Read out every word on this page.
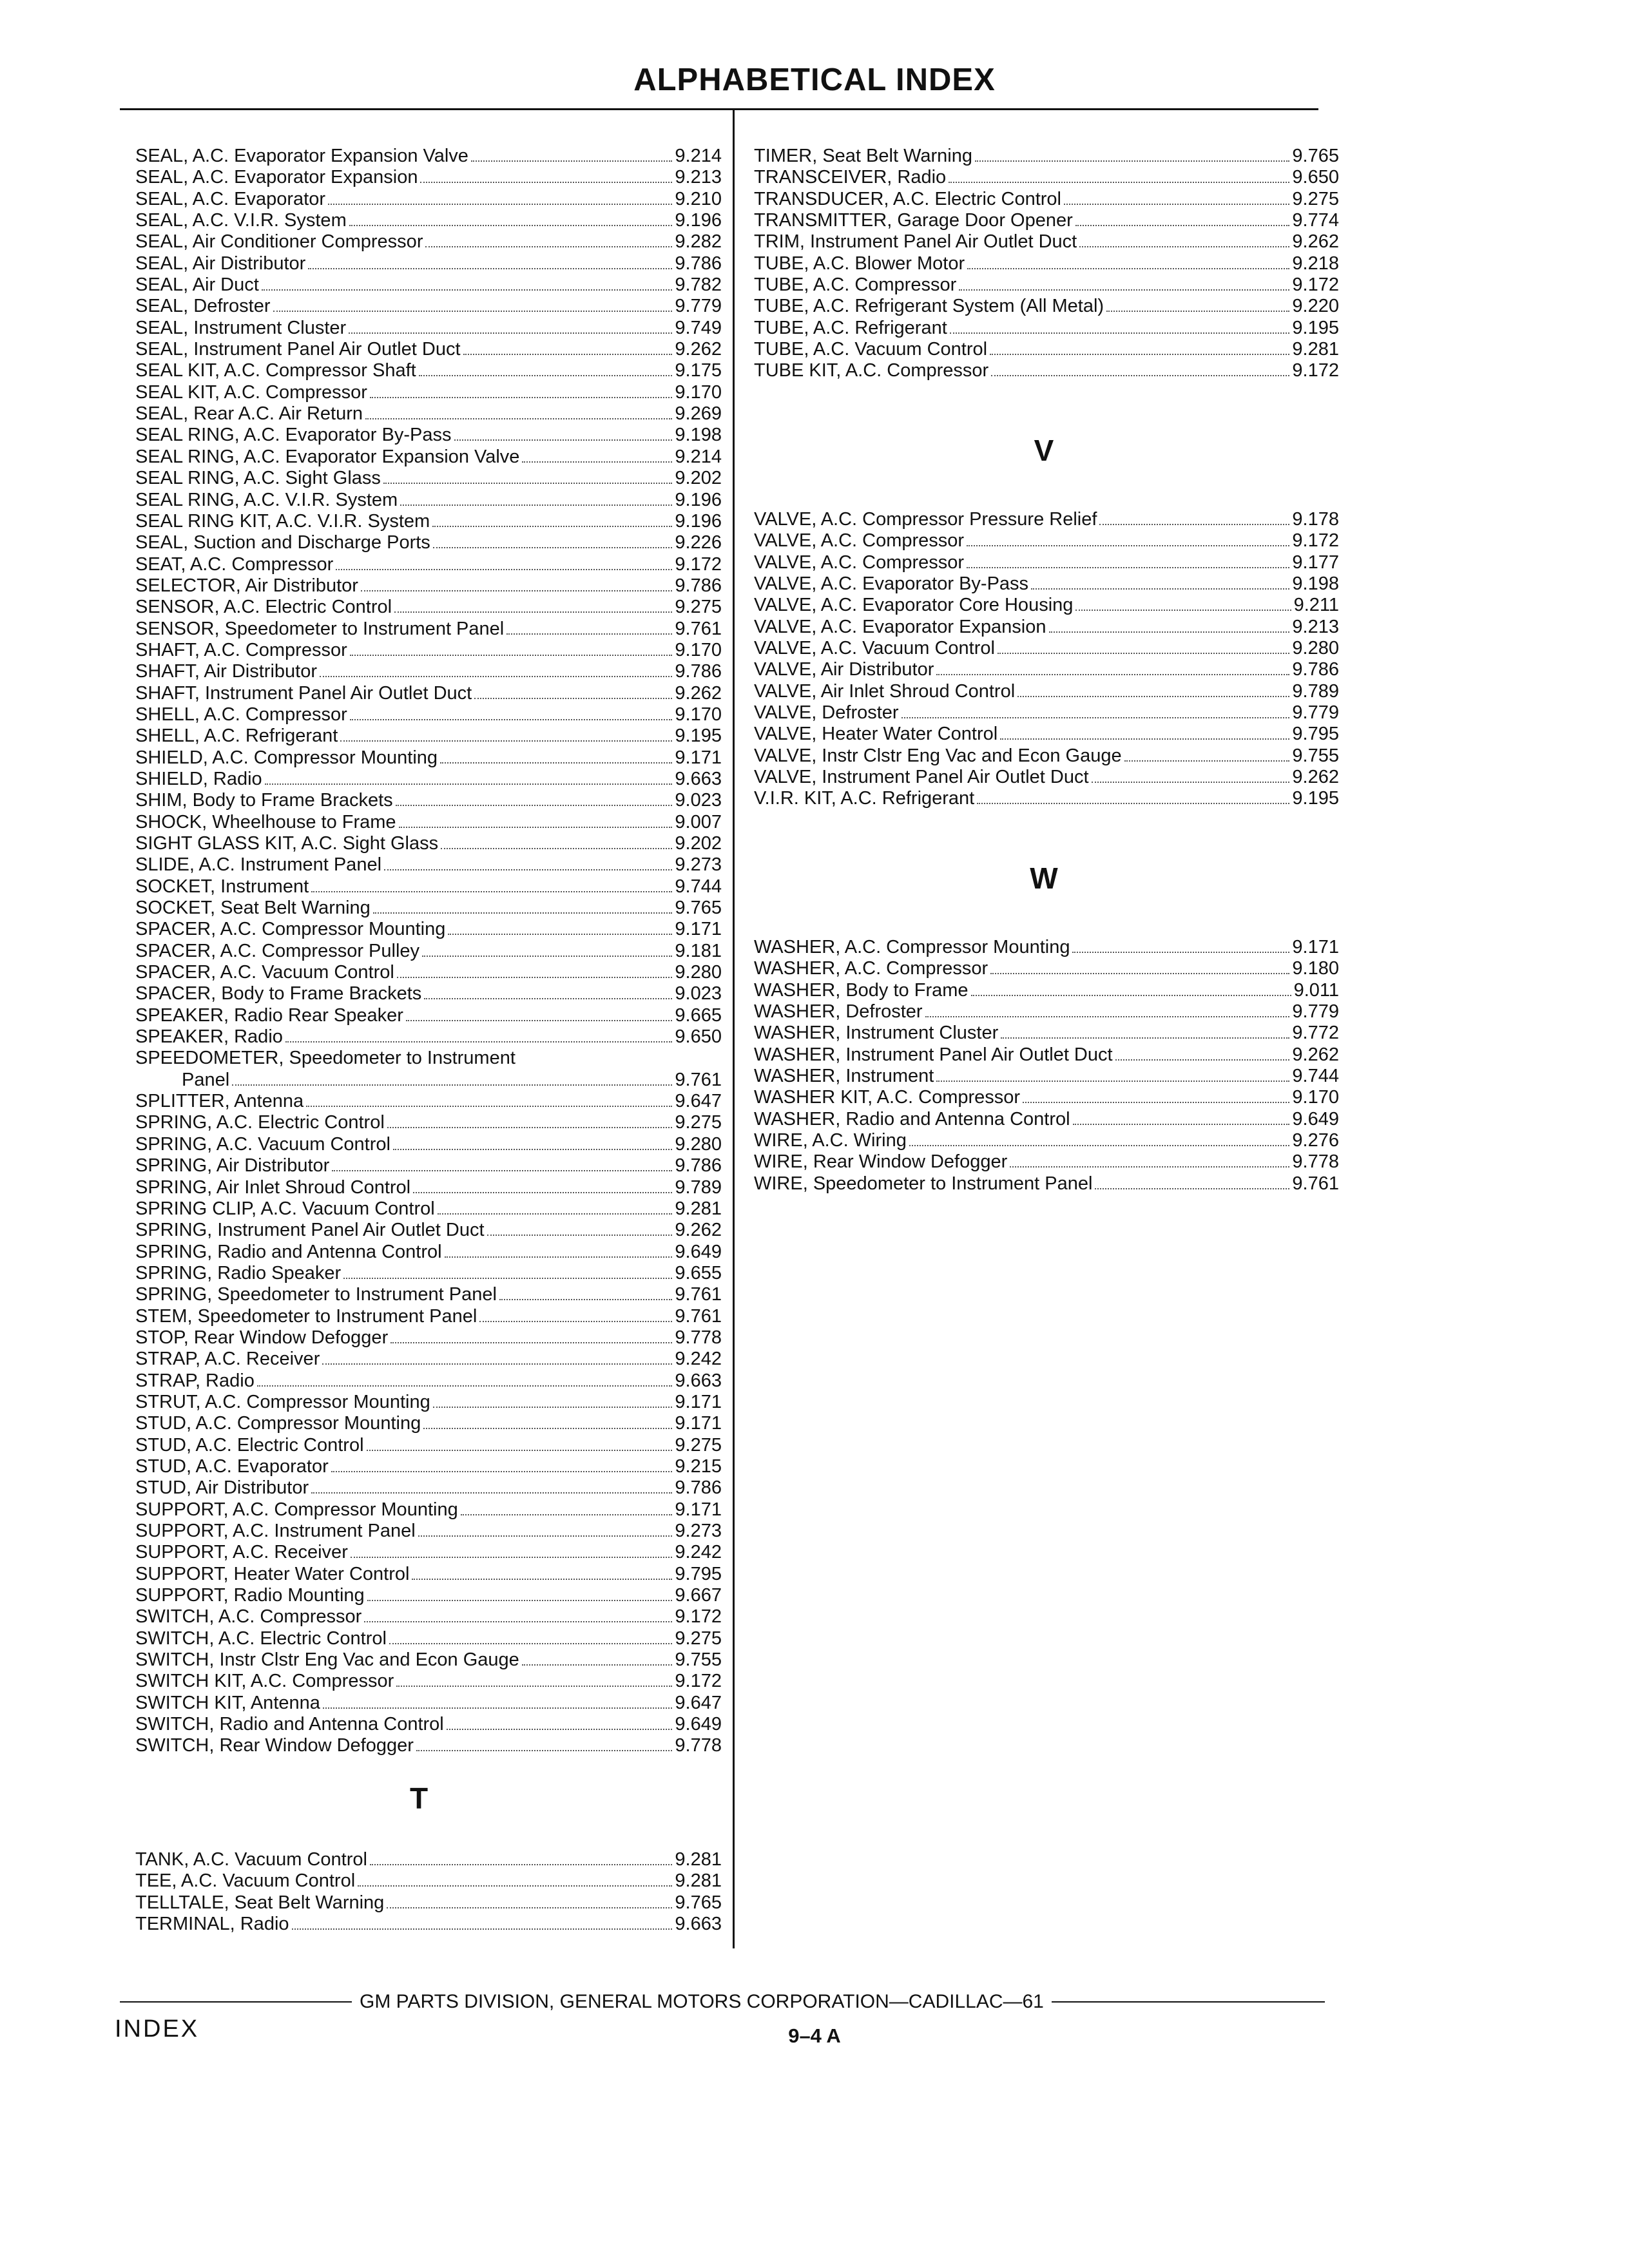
ALPHABETICAL INDEX
SEAL, A.C. Evaporator Expansion Valve	9.214
SEAL, A.C. Evaporator Expansion	9.213
SEAL, A.C. Evaporator	9.210
SEAL, A.C. V.I.R. System	9.196
SEAL, Air Conditioner Compressor	9.282
SEAL, Air Distributor	9.786
SEAL, Air Duct	9.782
SEAL, Defroster	9.779
SEAL, Instrument Cluster	9.749
SEAL, Instrument Panel Air Outlet Duct	9.262
SEAL KIT, A.C. Compressor Shaft	9.175
SEAL KIT, A.C. Compressor	9.170
SEAL, Rear A.C. Air Return	9.269
SEAL RING, A.C. Evaporator By-Pass	9.198
SEAL RING, A.C. Evaporator Expansion Valve	9.214
SEAL RING, A.C. Sight Glass	9.202
SEAL RING, A.C. V.I.R. System	9.196
SEAL RING KIT, A.C. V.I.R. System	9.196
SEAL, Suction and Discharge Ports	9.226
SEAT, A.C. Compressor	9.172
SELECTOR, Air Distributor	9.786
SENSOR, A.C. Electric Control	9.275
SENSOR, Speedometer to Instrument Panel	9.761
SHAFT, A.C. Compressor	9.170
SHAFT, Air Distributor	9.786
SHAFT, Instrument Panel Air Outlet Duct	9.262
SHELL, A.C. Compressor	9.170
SHELL, A.C. Refrigerant	9.195
SHIELD, A.C. Compressor Mounting	9.171
SHIELD, Radio	9.663
SHIM, Body to Frame Brackets	9.023
SHOCK, Wheelhouse to Frame	9.007
SIGHT GLASS KIT, A.C. Sight Glass	9.202
SLIDE, A.C. Instrument Panel	9.273
SOCKET, Instrument	9.744
SOCKET, Seat Belt Warning	9.765
SPACER, A.C. Compressor Mounting	9.171
SPACER, A.C. Compressor Pulley	9.181
SPACER, A.C. Vacuum Control	9.280
SPACER, Body to Frame Brackets	9.023
SPEAKER, Radio Rear Speaker	9.665
SPEAKER, Radio	9.650
SPEEDOMETER, Speedometer to Instrument
Panel	9.761
SPLITTER, Antenna	9.647
SPRING, A.C. Electric Control	9.275
SPRING, A.C. Vacuum Control	9.280
SPRING, Air Distributor	9.786
SPRING, Air Inlet Shroud Control	9.789
SPRING CLIP, A.C. Vacuum Control	9.281
SPRING, Instrument Panel Air Outlet Duct	9.262
SPRING, Radio and Antenna Control	9.649
SPRING, Radio Speaker	9.655
SPRING, Speedometer to Instrument Panel	9.761
STEM, Speedometer to Instrument Panel	9.761
STOP, Rear Window Defogger	9.778
STRAP, A.C. Receiver	9.242
STRAP, Radio	9.663
STRUT, A.C. Compressor Mounting	9.171
STUD, A.C. Compressor Mounting	9.171
STUD, A.C. Electric Control	9.275
STUD, A.C. Evaporator	9.215
STUD, Air Distributor	9.786
SUPPORT, A.C. Compressor Mounting	9.171
SUPPORT, A.C. Instrument Panel	9.273
SUPPORT, A.C. Receiver	9.242
SUPPORT, Heater Water Control	9.795
SUPPORT, Radio Mounting	9.667
SWITCH, A.C. Compressor	9.172
SWITCH, A.C. Electric Control	9.275
SWITCH, Instr Clstr Eng Vac and Econ Gauge	9.755
SWITCH KIT, A.C. Compressor	9.172
SWITCH KIT, Antenna	9.647
SWITCH, Radio and Antenna Control	9.649
SWITCH, Rear Window Defogger	9.778
T
TANK, A.C. Vacuum Control	9.281
TEE, A.C. Vacuum Control	9.281
TELLTALE, Seat Belt Warning	9.765
TERMINAL, Radio	9.663
TIMER, Seat Belt Warning	9.765
TRANSCEIVER, Radio	9.650
TRANSDUCER, A.C. Electric Control	9.275
TRANSMITTER, Garage Door Opener	9.774
TRIM, Instrument Panel Air Outlet Duct	9.262
TUBE, A.C. Blower Motor	9.218
TUBE, A.C. Compressor	9.172
TUBE, A.C. Refrigerant System (All Metal)	9.220
TUBE, A.C. Refrigerant	9.195
TUBE, A.C. Vacuum Control	9.281
TUBE KIT, A.C. Compressor	9.172
V
VALVE, A.C. Compressor Pressure Relief	9.178
VALVE, A.C. Compressor	9.172
VALVE, A.C. Compressor	9.177
VALVE, A.C. Evaporator By-Pass	9.198
VALVE, A.C. Evaporator Core Housing	9.211
VALVE, A.C. Evaporator Expansion	9.213
VALVE, A.C. Vacuum Control	9.280
VALVE, Air Distributor	9.786
VALVE, Air Inlet Shroud Control	9.789
VALVE, Defroster	9.779
VALVE, Heater Water Control	9.795
VALVE, Instr Clstr Eng Vac and Econ Gauge	9.755
VALVE, Instrument Panel Air Outlet Duct	9.262
V.I.R. KIT, A.C. Refrigerant	9.195
W
WASHER, A.C. Compressor Mounting	9.171
WASHER, A.C. Compressor	9.180
WASHER, Body to Frame	9.011
WASHER, Defroster	9.779
WASHER, Instrument Cluster	9.772
WASHER, Instrument Panel Air Outlet Duct	9.262
WASHER, Instrument	9.744
WASHER KIT, A.C. Compressor	9.170
WASHER, Radio and Antenna Control	9.649
WIRE, A.C. Wiring	9.276
WIRE, Rear Window Defogger	9.778
WIRE, Speedometer to Instrument Panel	9.761
GM PARTS DIVISION, GENERAL MOTORS CORPORATION—CADILLAC—61
INDEX	9–4 A
